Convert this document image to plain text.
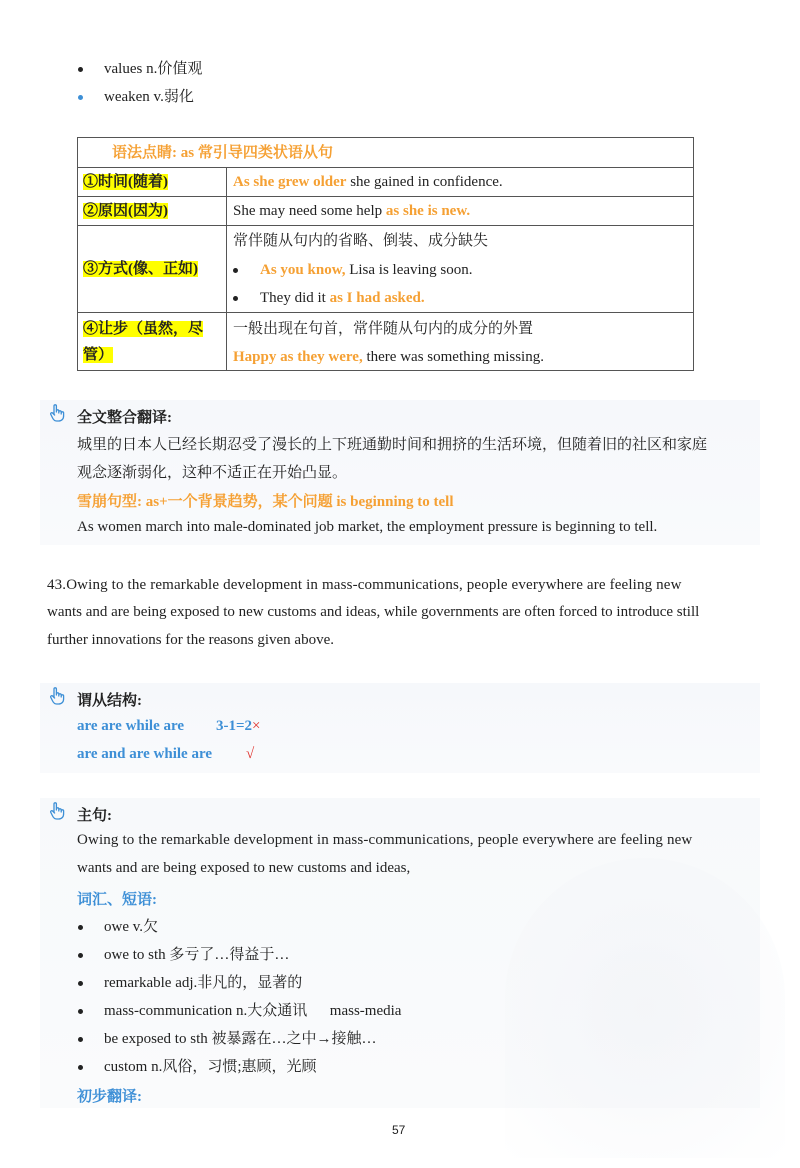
values n.价值观
weaken v.弱化
语法点睛: as 常引导四类状语从句
①时间(随着)	As she grew older she gained in confidence.
②原因(因为)	She may need some help as she is new.
③方式(像、正如)
常伴随从句内的省略、倒装、成分缺失
As you know, Lisa is leaving soon.
They did it as I had asked.
④让步（虽然，尽
管）
一般出现在句首，常伴随从句内的成分的外置
Happy as they were, there was something missing.
全文整合翻译:
城里的日本人已经长期忍受了漫长的上下班通勤时间和拥挤的生活环境，但随着旧的社区和家庭
观念逐渐弱化，这种不适正在开始凸显。
雪崩句型: as+一个背景趋势，某个问题 is beginning to tell
As women march into male-dominated job market, the employment pressure is beginning to tell.
43.Owing to the remarkable development in mass-communications, people everywhere are feeling new
wants and are being exposed to new customs and ideas, while governments are often forced to introduce still
further innovations for the reasons given above.
谓从结构:
are are while are 3-1=2×
are and are while are √
主句:
Owing to the remarkable development in mass-communications, people everywhere are feeling new
wants and are being exposed to new customs and ideas,
词汇、短语:
owe v.欠
owe to sth 多亏了…得益于…
remarkable adj.非凡的，显著的
mass-communication n.大众通讯      mass-media
be exposed to sth 被暴露在…之中→接触…
custom n.风俗，习惯;惠顾，光顾
初步翻译:
57
